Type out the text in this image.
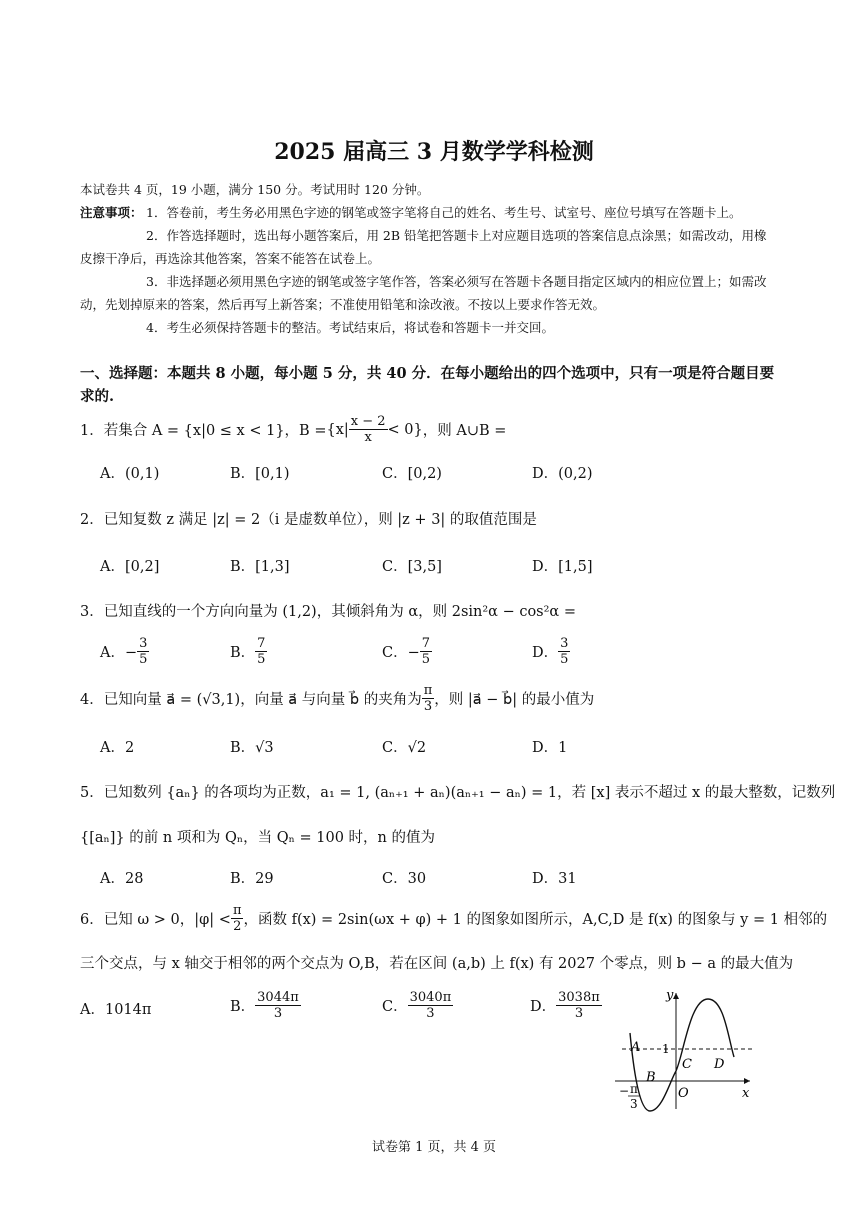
2025 届高三 3 月数学学科检测
本试卷共 4 页，19 小题，满分 150 分。考试用时 120 分钟。
注意事项： 1．答卷前，考生务必用黑色字迹的钢笔或签字笔将自己的姓名、考生号、试室号、座位号填写在答题卡上。
2．作答选择题时，选出每小题答案后，用 2B 铅笔把答题卡上对应题目选项的答案信息点涂黑；如需改动，用橡
皮擦干净后，再选涂其他答案，答案不能答在试卷上。
3．非选择题必须用黑色字迹的钢笔或签字笔作答，答案必须写在答题卡各题目指定区域内的相应位置上；如需改
动，先划掉原来的答案，然后再写上新答案；不准使用铅笔和涂改液。不按以上要求作答无效。
4．考生必须保持答题卡的整洁。考试结束后，将试卷和答题卡一并交回。
一、选择题：本题共 8 小题，每小题 5 分，共 40 分．在每小题给出的四个选项中，只有一项是符合题目要
求的.
1．若集合 A = {x|0 ≤ x < 1}，$B = \{x| \frac{x - 2}{x} < 0\}$ ，则 A∪B =
A．(0,1)	B．[0,1)	C．[0,2)	D．(0,2)
2．已知复数 z 满足 |z| = 2（i 是虚数单位），则 |z + 3| 的取值范围是
A．[0,2]	B．[1,3]	C．[3,5]	D．[1,5]
3．已知直线的一个方向向量为 (1,2)，其倾斜角为 α，则 2sin²α − cos²α =
A．− $\frac{3}{5}$	B． $\frac{7}{5}$	C．− $\frac{7}{5}$	D． $\frac{3}{5}$
4．已知向量 a⃗ = (√3,1)，向量 a⃗ 与向量 b⃗ 的夹角为 $\frac{\pi}{3}$ ，则 |a⃗ − b⃗| 的最小值为
A．2	B．√3	C．√2	D．1
5．已知数列 {aₙ} 的各项均为正数，a₁ = 1, (aₙ₊₁ + aₙ)(aₙ₊₁ − aₙ) = 1，若 [x] 表示不超过 x 的最大整数，记数列
{[aₙ]} 的前 n 项和为 Qₙ，当 Qₙ = 100 时，n 的值为
A．28	B．29	C．30	D．31
6．已知 ω > 0，$|\varphi| < \frac{\pi}{2}$ ，函数 f(x) = 2sin(ωx + φ) + 1 的图象如图所示，A,C,D 是 f(x) 的图象与 y = 1 相邻的
三个交点，与 x 轴交于相邻的两个交点为 O,B，若在区间 (a,b) 上 f(x) 有 2027 个零点，则 b − a 的最大值为
A．1014π	B． $\frac{3044\pi}{3}$	C． $\frac{3040\pi}{3}$	D． $\frac{3038\pi}{3}$	y
x
1
O
A
B
C D
− π
3
试卷第 1 页，共 4 页
